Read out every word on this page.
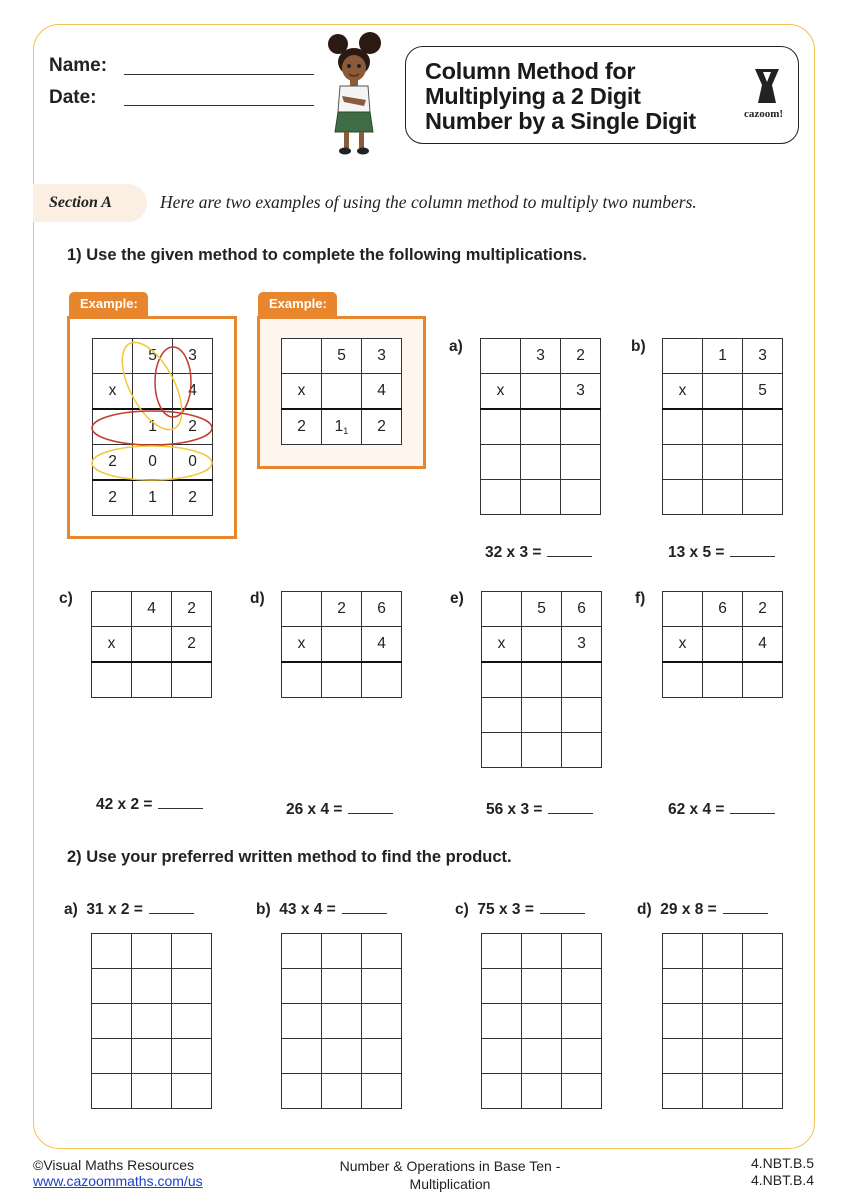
Name:
Date:
Column Method for
Multiplying a 2 Digit
Number by a Single Digit	cazoom!
Section A	Here are two examples of using the column method to multiply two numbers.
1) Use the given method to complete the following multiplications.
Example:
	5	3
x		4
	1	2
2	0	0
2	1	2
Example:
	5	3
x		4
2	$1_1$	2
a)
	3	2
x		3

32 x 3 =
b)
	1	3
x		5

13 x 5 =
c)
	4	2
x		2

42 x 2 =
d)
	2	6
x		4

26 x 4 =
e)
	5	6
x		3

56 x 3 =
f)
	6	2
x		4

62 x 4 =
2) Use your preferred written method to find the product.
a) 31 x 2 =	b) 43 x 4 =	c) 75 x 3 =	d) 29 x 8 =

©Visual Maths Resources
www.cazoommaths.com/us
Number & Operations in Base Ten -
Multiplication
4.NBT.B.5
4.NBT.B.4
